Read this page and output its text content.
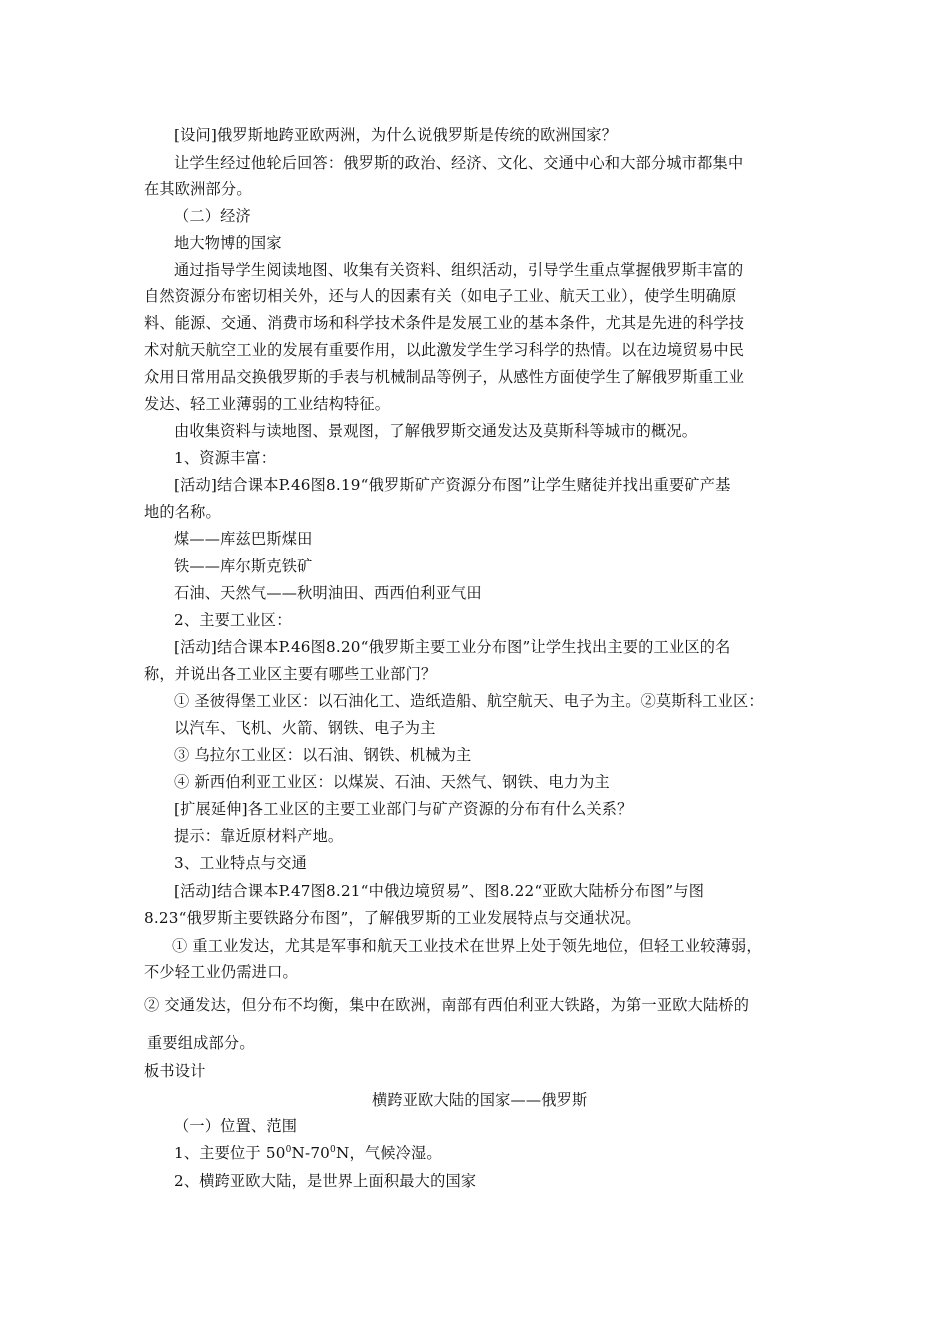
[设问]俄罗斯地跨亚欧两洲，为什么说俄罗斯是传统的欧洲国家？
让学生经过他轮后回答：俄罗斯的政治、经济、文化、交通中心和大部分城市都集中
在其欧洲部分。
（二）经济
地大物博的国家
通过指导学生阅读地图、收集有关资料、组织活动，引导学生重点掌握俄罗斯丰富的
自然资源分布密切相关外，还与人的因素有关（如电子工业、航天工业），使学生明确原
料、能源、交通、消费市场和科学技术条件是发展工业的基本条件，尤其是先进的科学技
术对航天航空工业的发展有重要作用，以此激发学生学习科学的热情。以在边境贸易中民
众用日常用品交换俄罗斯的手表与机械制品等例子，从感性方面使学生了解俄罗斯重工业
发达、轻工业薄弱的工业结构特征。
由收集资料与读地图、景观图，了解俄罗斯交通发达及莫斯科等城市的概况。
1、资源丰富：
[活动]结合课本P.46图8.19“俄罗斯矿产资源分布图”让学生赌徒并找出重要矿产基
地的名称。
煤——库兹巴斯煤田
铁——库尔斯克铁矿
石油、天然气——秋明油田、西西伯利亚气田
2、主要工业区：
[活动]结合课本P.46图8.20“俄罗斯主要工业分布图”让学生找出主要的工业区的名
称，并说出各工业区主要有哪些工业部门？
① 圣彼得堡工业区：以石油化工、造纸造船、航空航天、电子为主。②莫斯科工业区：
以汽车、飞机、火箭、钢铁、电子为主
③ 乌拉尔工业区：以石油、钢铁、机械为主
④ 新西伯利亚工业区：以煤炭、石油、天然气、钢铁、电力为主
[扩展延伸]各工业区的主要工业部门与矿产资源的分布有什么关系？
提示：靠近原材料产地。
3、工业特点与交通
[活动]结合课本P.47图8.21“中俄边境贸易”、图8.22“亚欧大陆桥分布图”与图
8.23“俄罗斯主要铁路分布图”，了解俄罗斯的工业发展特点与交通状况。
① 重工业发达，尤其是军事和航天工业技术在世界上处于领先地位，但轻工业较薄弱，
不少轻工业仍需进口。
② 交通发达，但分布不均衡，集中在欧洲，南部有西伯利亚大铁路，为第一亚欧大陆桥的
重要组成部分。
板书设计
横跨亚欧大陆的国家——俄罗斯
（一）位置、范围
1、主要位于 $50^0N-70^0N$，气候冷湿。
2、横跨亚欧大陆，是世界上面积最大的国家
